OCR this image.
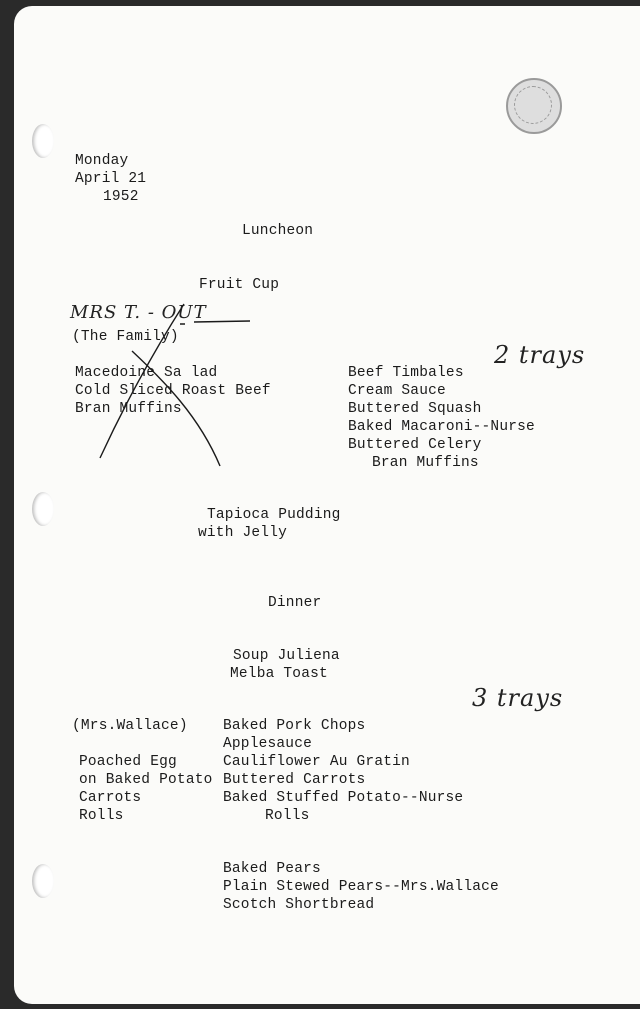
Monday
April 21
1952
Luncheon
Fruit Cup
MRS T. - OUT
(The Family)
Macedoine Sa lad
Cold Sliced Roast Beef
Bran Muffins
Beef Timbales
Cream Sauce
Buttered Squash
Baked Macaroni--Nurse
Buttered Celery
Bran Muffins
2 trays
Tapioca Pudding
with Jelly
Dinner
Soup Juliena
Melba Toast
3 trays
(Mrs.Wallace)
Poached Egg
on Baked Potato
Carrots
Rolls
Baked Pork Chops
Applesauce
Cauliflower Au Gratin
Buttered Carrots
Baked Stuffed Potato--Nurse
Rolls
Baked Pears
Plain Stewed Pears--Mrs.Wallace
Scotch Shortbread
